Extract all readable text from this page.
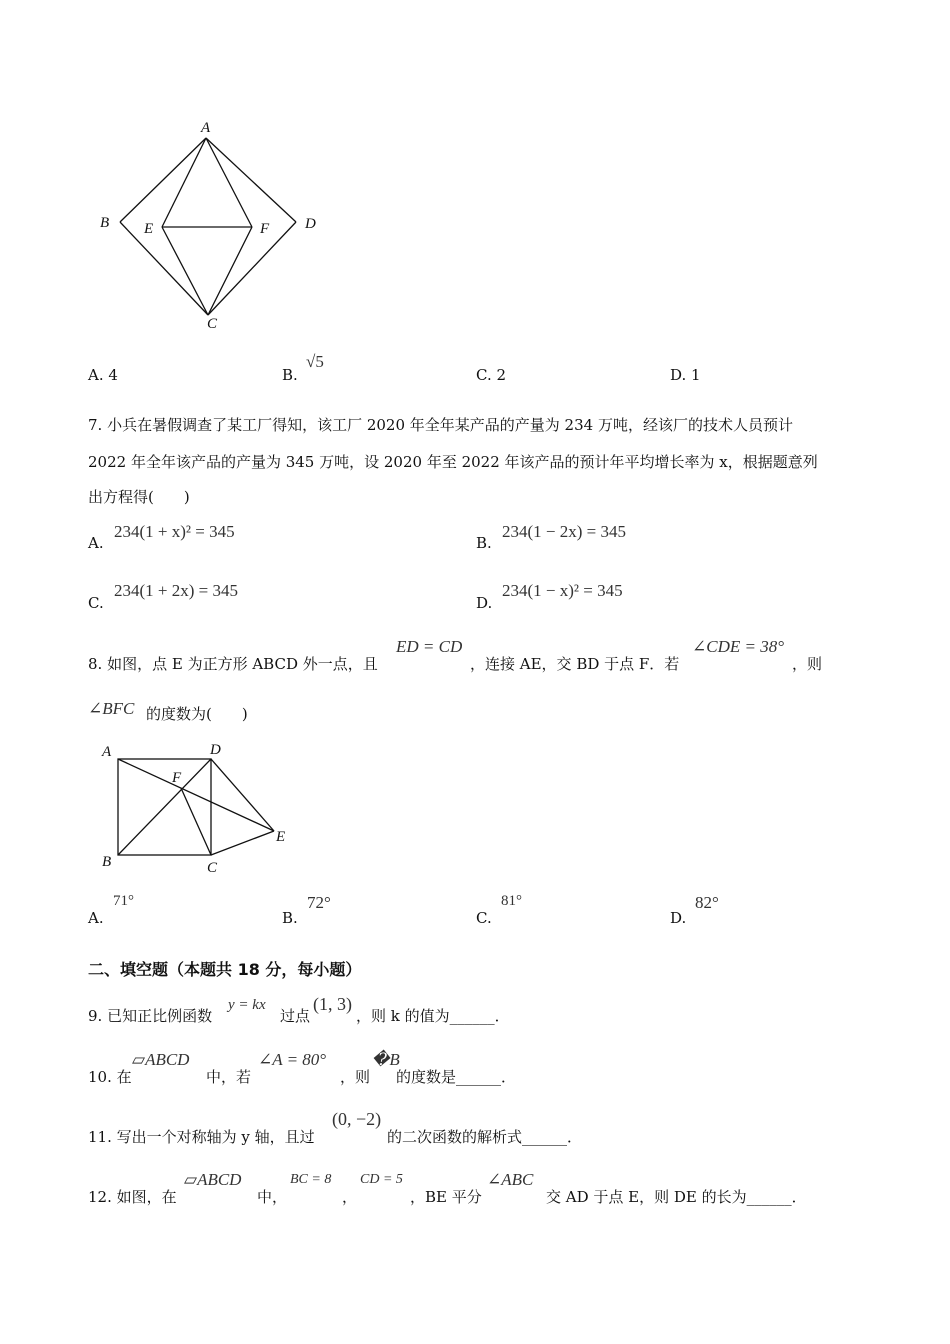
A
B E	F D
C
A. 4	B.
√5
C. 2	D. 1
7. 小兵在暑假调查了某工厂得知，该工厂 2020 年全年某产品的产量为 234 万吨，经该厂的技术人员预计
2022 年全年该产品的产量为 345 万吨，设 2020 年至 2022 年该产品的预计年平均增长率为 x，根据题意列
出方程得(　　)
A.
234(1 + x)² = 345
B.
234(1 − 2x) = 345
C.
234(1 + 2x) = 345
D.
234(1 − x)² = 345
8. 如图，点 E 为正方形 ABCD 外一点，且
ED = CD
，连接 AE，交 BD 于点 F．若
∠CDE = 38°
，则
∠BFC 的度数为(　　)
A	D
F
E
B	C
A.
71°
B.
72°
C.
81°
D.
82°
二、填空题（本题共 18 分，每小题）
9. 已知正比例函数
y = kx
过点
(1, 3)
，则 k 的值为______．
10. 在
▱ABCD
中，若
∠A = 80°
，则
�B
的度数是______．
11. 写出一个对称轴为 y 轴，且过
(0, −2)
的二次函数的解析式______．
12. 如图，在
▱ABCD
中，
BC = 8
，
CD = 5
，BE 平分
∠ABC
交 AD 于点 E，则 DE 的长为______．
